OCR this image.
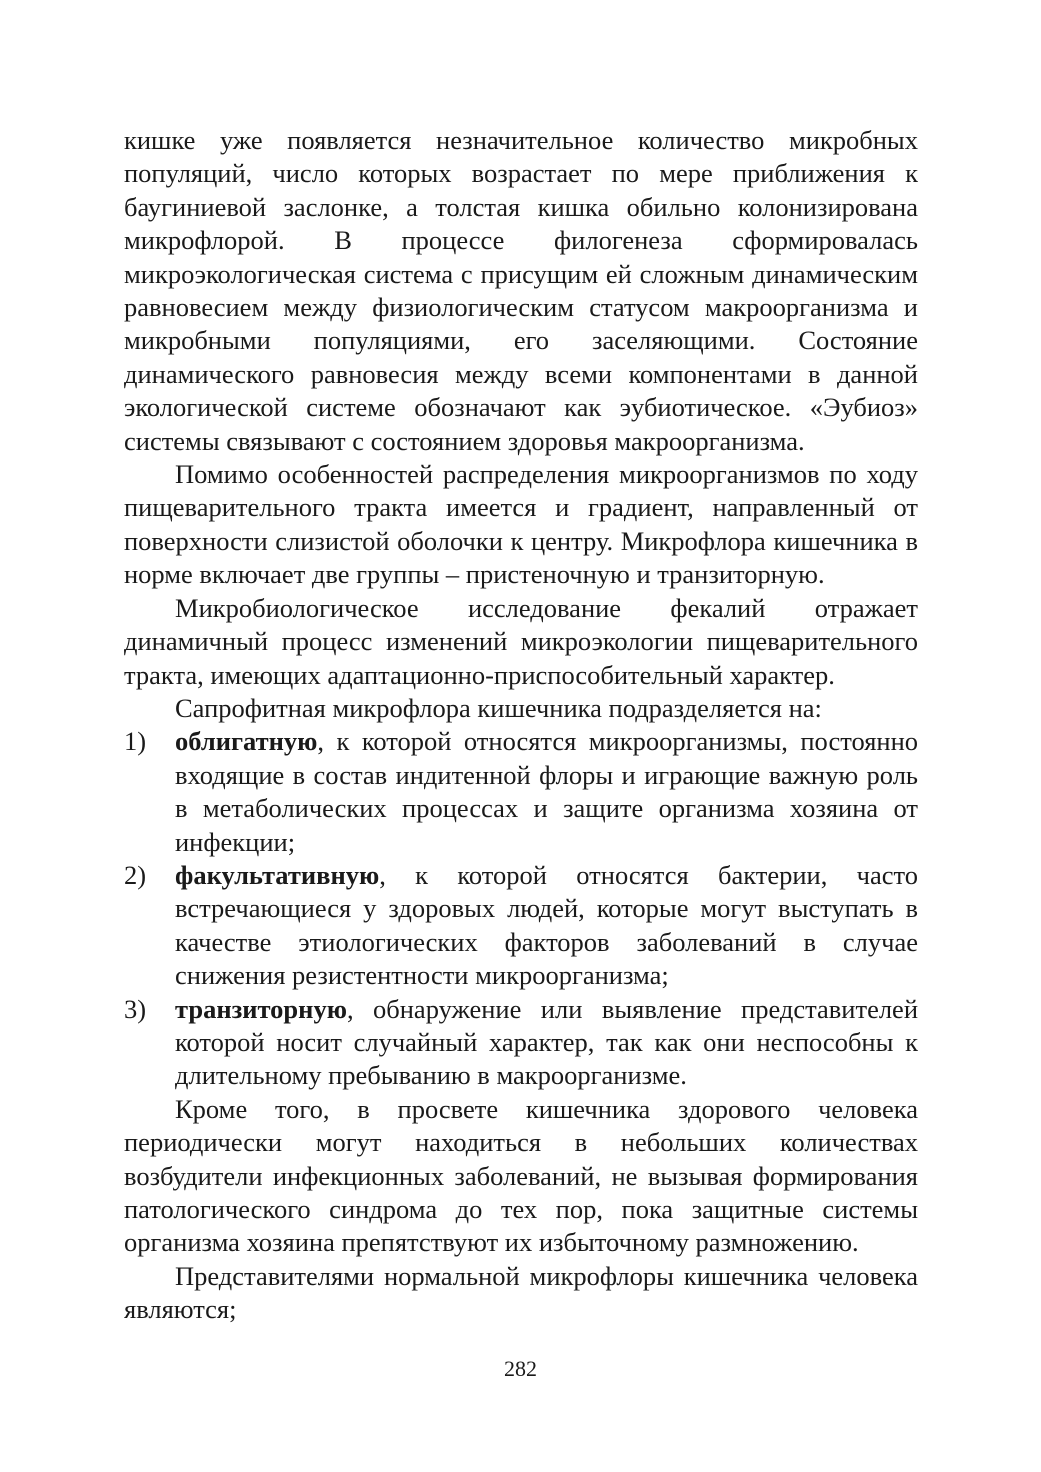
кишке уже появляется незначительное количество микробных популяций, число которых возрастает по мере приближения к баугиниевой заслонке, а толстая кишка обильно колонизирована микрофлорой. В процессе филогенеза сформировалась микроэкологическая система с присущим ей сложным динамическим равновесием между физиологическим статусом макроорганизма и микробными популяциями, его заселяющими. Состояние динамического равновесия между всеми компонентами в данной экологической системе обозначают как эубиотическое. «Эубиоз» системы связывают с состоянием здоровья макроорганизма.

Помимо особенностей распределения микроорганизмов по ходу пищеварительного тракта имеется и градиент, направленный от поверхности слизистой оболочки к центру. Микрофлора кишечника в норме включает две группы – пристеночную и транзиторную.

Микробиологическое исследование фекалий отражает динамичный процесс изменений микроэкологии пищеварительного тракта, имеющих адаптационно-приспособительный характер.

Сапрофитная микрофлора кишечника подразделяется на:

1)	облигатную, к которой относятся микроорганизмы, постоянно входящие в состав индитенной флоры и играющие важную роль в метаболических процессах и защите организма хозяина от инфекции;
2)	факультативную, к которой относятся бактерии, часто встречающиеся у здоровых людей, которые могут выступать в качестве этиологических факторов заболеваний в случае снижения резистентности микроорганизма;
3)	транзиторную, обнаружение или выявление представителей которой носит случайный характер, так как они неспособны к длительному пребыванию в макроорганизме.

Кроме того, в просвете кишечника здорового человека периодически могут находиться в небольших количествах возбудители инфекционных заболеваний, не вызывая формирования патологического синдрома до тех пор, пока защитные системы организма хозяина препятствуют их избыточному размножению.

Представителями нормальной микрофлоры кишечника человека являются;

282
